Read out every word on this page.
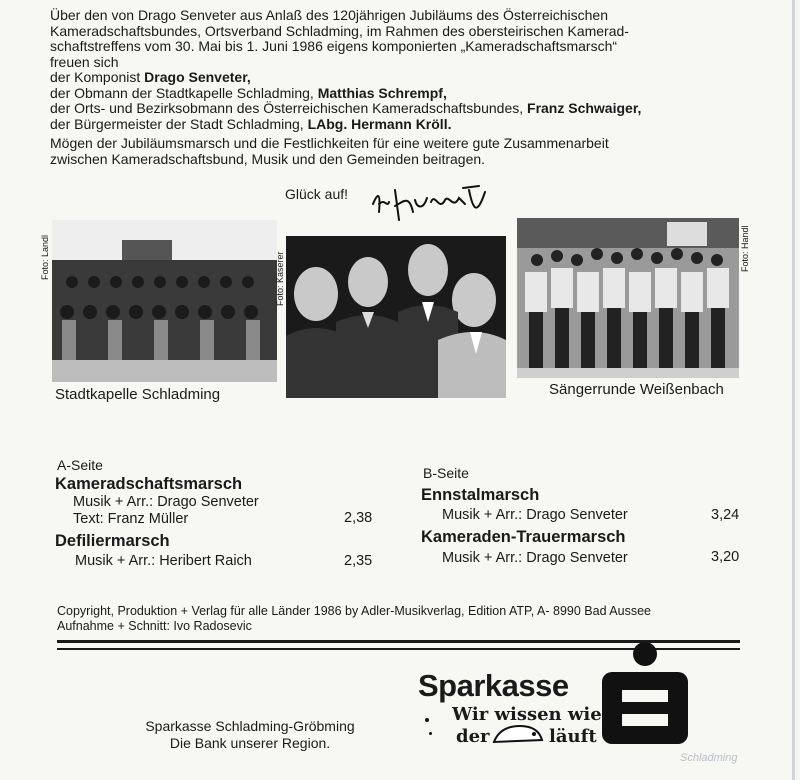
Über den von Drago Senveter aus Anlaß des 120jährigen Jubiläums des Österreichischen

Kameradschaftsbundes, Ortsverband Schladming, im Rahmen des obersteirischen Kamerad-

schaftstreffens vom 30. Mai bis 1. Juni 1986 eigens komponierten „Kameradschaftsmarsch“

freuen sich

der Komponist Drago Senveter,

der Obmann der Stadtkapelle Schladming, Matthias Schrempf,

der Orts- und Bezirksobmann des Österreichischen Kameradschaftsbundes, Franz Schwaiger,

der Bürgermeister der Stadt Schladming, LAbg. Hermann Kröll.

Mögen der Jubiläumsmarsch und die Festlichkeiten für eine weitere gute Zusammenarbeit

zwischen Kameradschaftsbund, Musik und den Gemeinden beitragen.

Glück auf!
Foto: Landl
Stadtkapelle Schladming
Foto: Kaserer
Foto: Handl
Sängerrunde Weißenbach
A-Seite
Kameradschaftsmarsch
Musik + Arr.: Drago Senveter
Text: Franz Müller	2,38
Defiliermarsch
Musik + Arr.: Heribert Raich	2,35
B-Seite
Ennstalmarsch
Musik + Arr.: Drago Senveter	3,24
Kameraden-Trauermarsch
Musik + Arr.: Drago Senveter	3,20
Copyright, Produktion + Verlag für alle Länder 1986 by Adler-Musikverlag, Edition ATP, A- 8990 Bad Aussee
Aufnahme + Schnitt: Ivo Radosevic
Sparkasse Schladming-Gröbming
Die Bank unserer Region.
Sparkasse
Wir wissen wie
der	läuft
Schladming
